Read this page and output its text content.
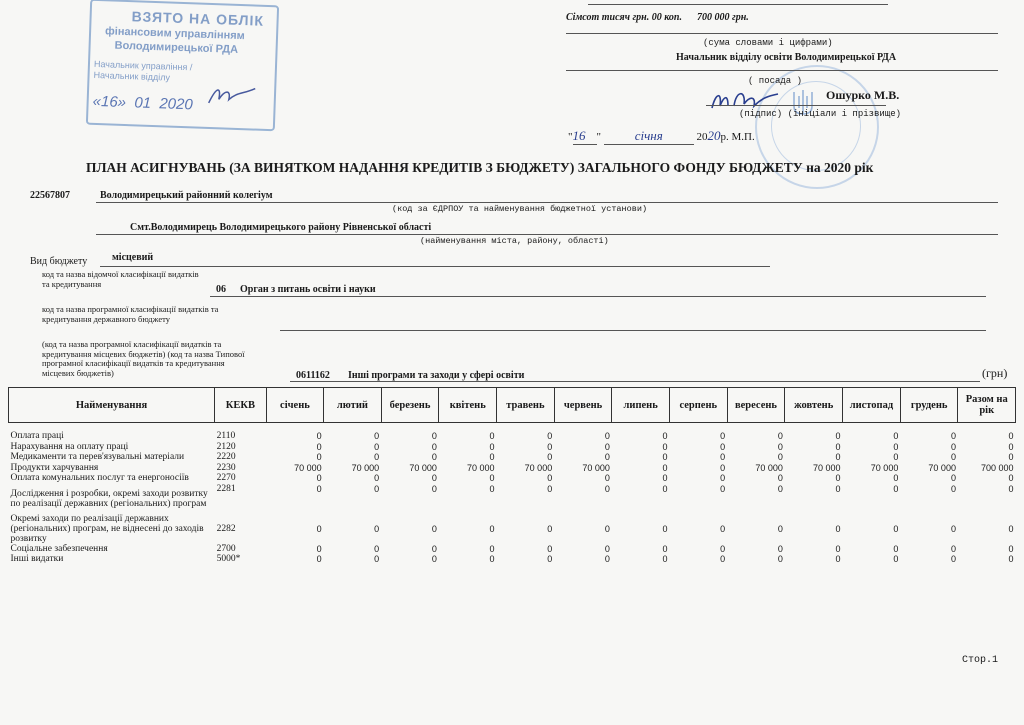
ВЗЯТО НА ОБЛІК
фінансовим управлінням
Володимирецької РДА
Начальник управління / Начальник відділу
«16»  01  2020
Сімсот тисяч грн. 00 коп. 700 000 грн.
(сума словами і цифрами)
Начальник відділу освіти Володимирецької РДА
( посада )
Ошурко М.В.
(підпис) (ініціали і прізвище)
"16 "	січня	2020р. М.П.
ПЛАН АСИГНУВАНЬ (ЗА ВИНЯТКОМ НАДАННЯ КРЕДИТІВ З БЮДЖЕТУ) ЗАГАЛЬНОГО ФОНДУ БЮДЖЕТУ на 2020 рік
22567807	Володимирецький районний колегіум
(код за ЄДРПОУ та найменування бюджетної установи)
Смт.Володимирець Володимирецького району Рівненської області
(найменування міста, району, області)
Вид бюджету місцевий
код та назва відомчої класифікації видатків та кредитування
06 Орган з питань освіти і науки
код та назва програмної класифікації видатків та кредитування державного бюджету
(код та назва програмної класифікації видатків та кредитування місцевих бюджетів) (код та назва Типової програмної класифікації видатків та кредитування місцевих бюджетів)	0611162 Інші програми та заходи у сфері освіти	(грн)
Найменування	КЕКВ	січень	лютий	березень	квітень	травень	червень	липень	серпень	вересень	жовтень	листопад	грудень	Разом на рік

Оплата праці	2110	0	0	0	0	0	0	0	0	0	0	0	0	0
Нарахування на оплату праці	2120	0	0	0	0	0	0	0	0	0	0	0	0	0
Медикаменти та перев'язувальні матеріали	2220	0	0	0	0	0	0	0	0	0	0	0	0	0
Продукти харчування	2230	70 000	70 000	70 000	70 000	70 000	70 000	0	0	70 000	70 000	70 000	70 000	700 000
Оплата комунальних послуг та енергоносіїв	2270	0	0	0	0	0	0	0	0	0	0	0	0	0
Дослідження і розробки, окремі заходи розвитку по реалізації державних (регіональних) програм	2281	0	0	0	0	0	0	0	0	0	0	0	0	0
Окремі заходи по реалізації державних (регіональних) програм, не віднесені до заходів розвитку	2282	0	0	0	0	0	0	0	0	0	0	0	0	0
Соціальне забезпечення	2700	0	0	0	0	0	0	0	0	0	0	0	0	0
Інші видатки	5000*	0	0	0	0	0	0	0	0	0	0	0	0	0
Стор.1
